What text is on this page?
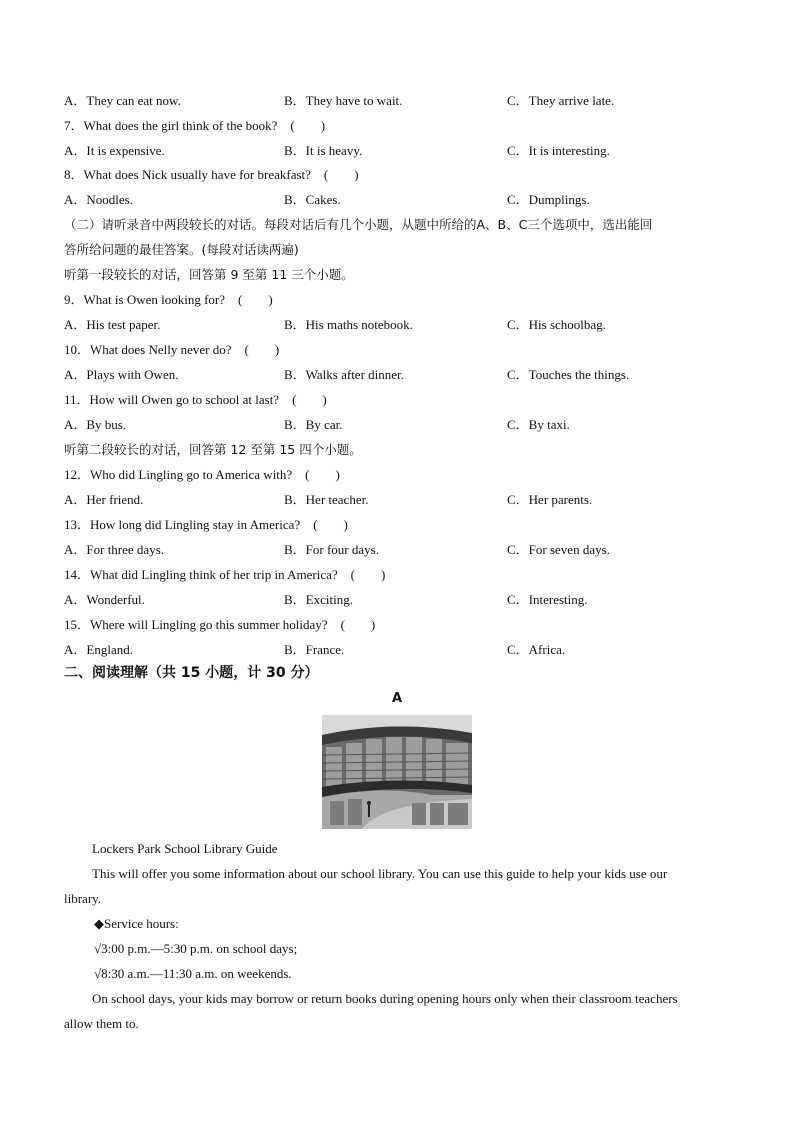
A．They can eat now.	B．They have to wait.	C．They arrive late.
7．What does the girl think of the book?　(　　)
A．It is expensive.	B．It is heavy.	C．It is interesting.
8．What does Nick usually have for breakfast?　(　　)
A．Noodles.	B．Cakes.	C．Dumplings.
（二）请听录音中两段较长的对话。每段对话后有几个小题，从题中所给的A、B、C三个选项中，选出能回
答所给问题的最佳答案。(每段对话读两遍)
听第一段较长的对话，回答第 9 至第 11 三个小题。
9．What is Owen looking for?　(　　)
A．His test paper.	B．His maths notebook.	C．His schoolbag.
10．What does Nelly never do?　(　　)
A．Plays with Owen.	B．Walks after dinner.	C．Touches the things.
11．How will Owen go to school at last?　(　　)
A．By bus.	B．By car.	C．By taxi.
听第二段较长的对话，回答第 12 至第 15 四个小题。
12．Who did Lingling go to America with?　(　　)
A．Her friend.	B．Her teacher.	C．Her parents.
13．How long did Lingling stay in America?　(　　)
A．For three days.	B．For four days.	C．For seven days.
14．What did Lingling think of her trip in America?　(　　)
A．Wonderful.	B．Exciting.	C．Interesting.
15．Where will Lingling go this summer holiday?　(　　)
A．England.	B．France.	C．Africa.
二、阅读理解（共 15 小题，计 30 分）
A
Lockers Park School Library Guide
This will offer you some information about our school library. You can use this guide to help your kids use our
library.
◆Service hours:
√3:00 p.m.—5:30 p.m. on school days;
√8:30 a.m.—11:30 a.m. on weekends.
On school days, your kids may borrow or return books during opening hours only when their classroom teachers
allow them to.
